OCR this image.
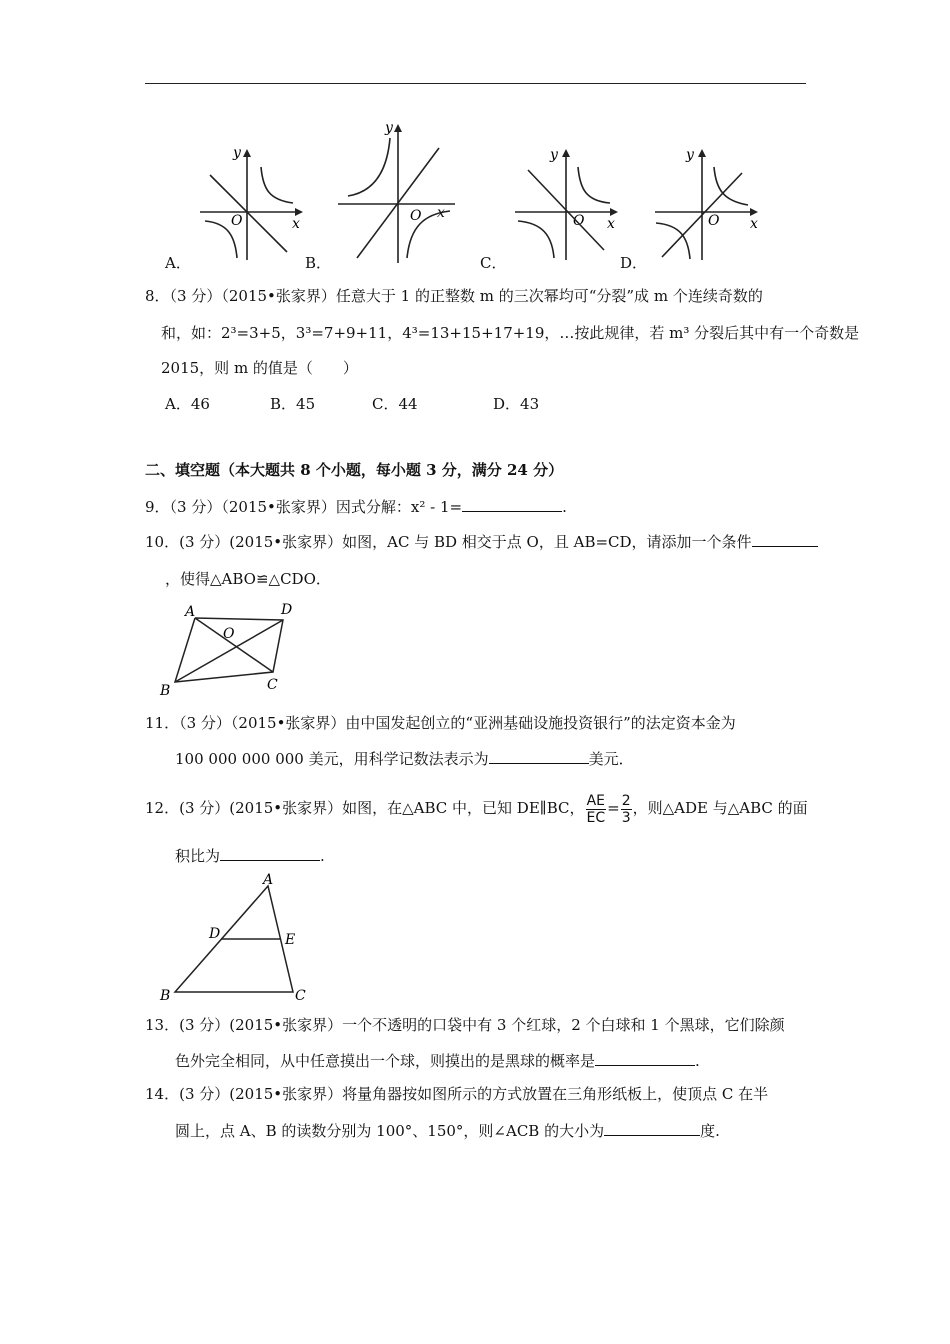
y
x
O
y
O x
y
x
O
y
x
O
A．	B．	C．	D．
8．（3 分）（2015•张家界）任意大于 1 的正整数 m 的三次幂均可“分裂”成 m 个连续奇数的
和，如：2³=3+5，3³=7+9+11，4³=13+15+17+19，…按此规律，若 m³ 分裂后其中有一个奇数是
2015，则 m 的值是（　　）
A．46	B．45	C．44	D．43
二、填空题（本大题共 8 个小题，每小题 3 分，满分 24 分）
9．（3 分）（2015•张家界）因式分解：x² - 1=	.
10．(3 分）(2015•张家界）如图，AC 与 BD 相交于点 O，且 AB=CD，请添加一个条件
，使得△ABO≌△CDO．
A	D
O
B	C
11．（3 分）（2015•张家界）由中国发起创立的“亚洲基础设施投资银行”的法定资本金为
100 000 000 000 美元，用科学记数法表示为	美元．
12．(3 分）(2015•张家界）如图，在△ABC 中，已知 DE∥BC， $\frac{AE}{EC} = \frac{2}{3}$ ，则△ADE 与△ABC 的面
积比为	.
A
D	E
B	C
13．(3 分）(2015•张家界）一个不透明的口袋中有 3 个红球，2 个白球和 1 个黑球，它们除颜
色外完全相同，从中任意摸出一个球，则摸出的是黑球的概率是	.
14．(3 分）(2015•张家界）将量角器按如图所示的方式放置在三角形纸板上，使顶点 C 在半
圆上，点 A、B 的读数分别为 100°、150°，则∠ACB 的大小为	度.
